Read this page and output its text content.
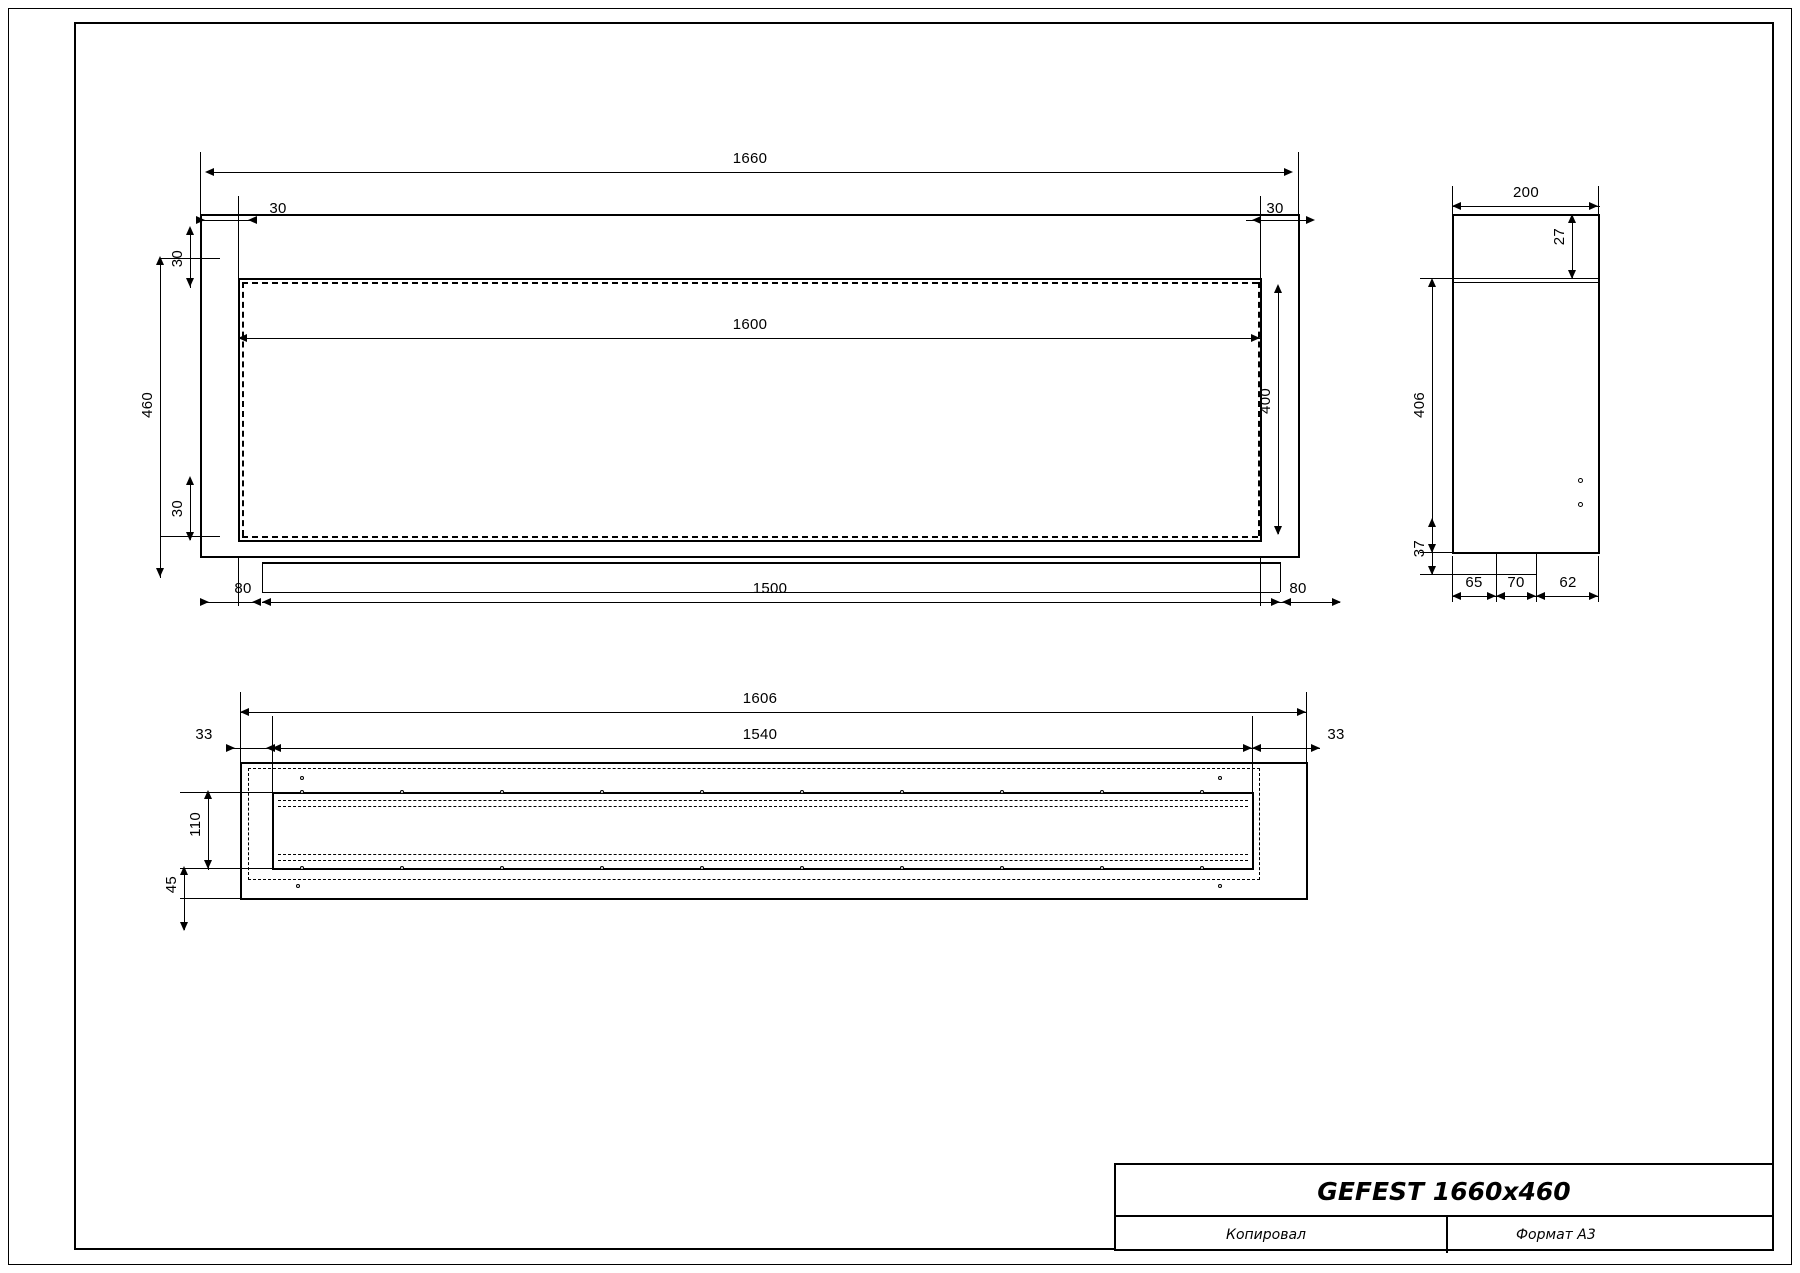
1660
30	30
1600
460
30
30
400
80	1500	80
200
27
406
37
65 70 62
1606
1540
33	33
110
45
GEFEST 1660x460
Копировал	Формат А3
